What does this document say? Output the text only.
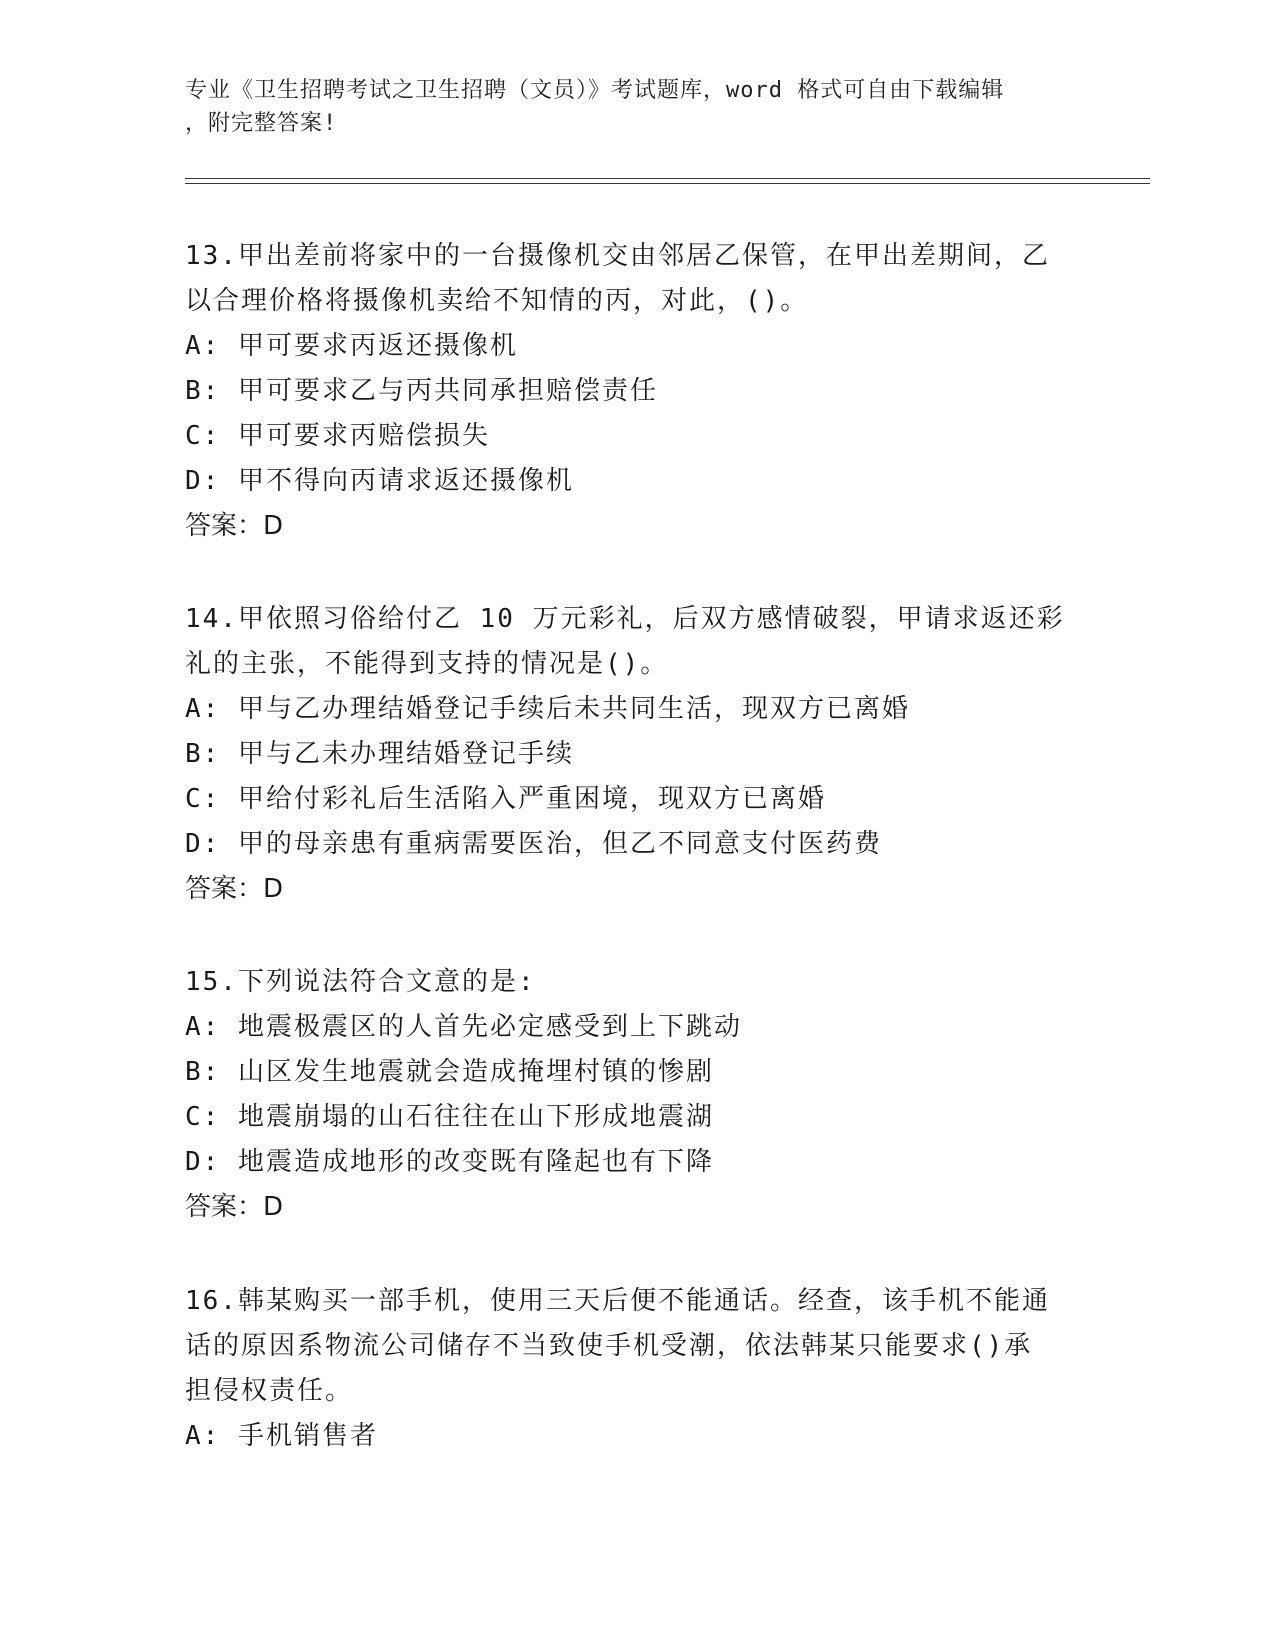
专业《卫生招聘考试之卫生招聘（文员）》考试题库，word 格式可自由下载编辑
，附完整答案!

13.甲出差前将家中的一台摄像机交由邻居乙保管，在甲出差期间，乙

以合理价格将摄像机卖给不知情的丙，对此，()。

A: 甲可要求丙返还摄像机

B: 甲可要求乙与丙共同承担赔偿责任

C: 甲可要求丙赔偿损失

D: 甲不得向丙请求返还摄像机

答案：D

14.甲依照习俗给付乙 10 万元彩礼，后双方感情破裂，甲请求返还彩

礼的主张，不能得到支持的情况是()。

A: 甲与乙办理结婚登记手续后未共同生活，现双方已离婚

B: 甲与乙未办理结婚登记手续

C: 甲给付彩礼后生活陷入严重困境，现双方已离婚

D: 甲的母亲患有重病需要医治，但乙不同意支付医药费

答案：D

15.下列说法符合文意的是:

A: 地震极震区的人首先必定感受到上下跳动

B: 山区发生地震就会造成掩埋村镇的惨剧

C: 地震崩塌的山石往往在山下形成地震湖

D: 地震造成地形的改变既有隆起也有下降

答案：D

16.韩某购买一部手机，使用三天后便不能通话。经查，该手机不能通

话的原因系物流公司储存不当致使手机受潮，依法韩某只能要求()承

担侵权责任。

A: 手机销售者
